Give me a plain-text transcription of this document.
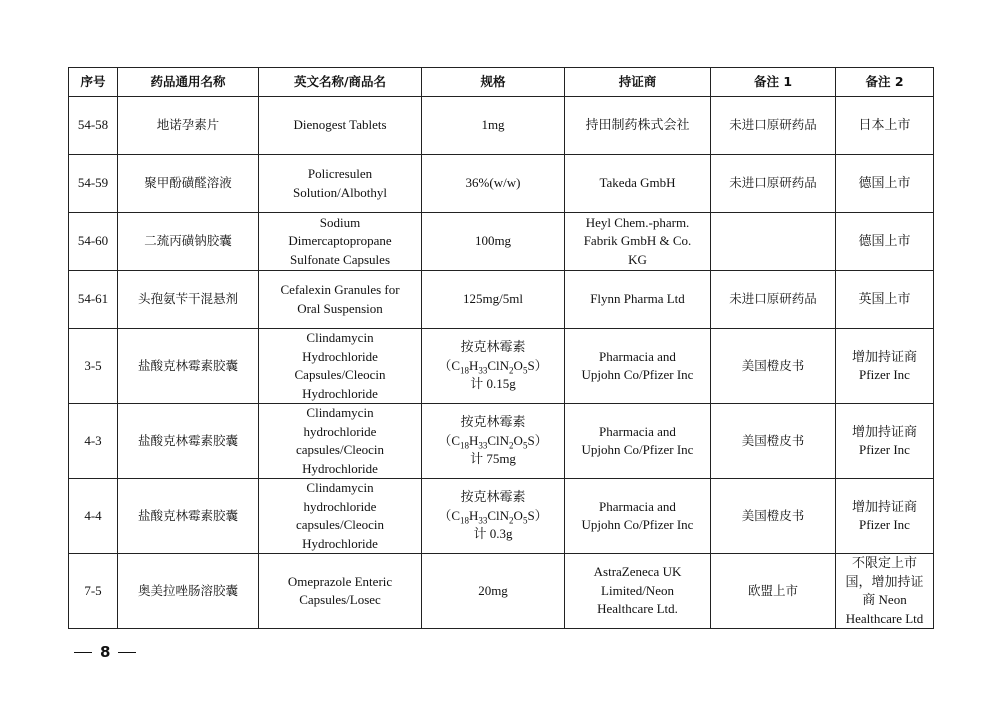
序号	药品通用名称	英文名称/商品名	规格	持证商	备注 1	备注 2
54-58	地诺孕素片	Dienogest Tablets	1mg	持田制药株式会社	未进口原研药品	日本上市

54-59	聚甲酚磺醛溶液	Policresulen
Solution/Albothyl	36%(w/w)	Takeda GmbH	未进口原研药品	德国上市

54-60	二巯丙磺钠胶囊	Sodium
Dimercaptopropane
Sulfonate Capsules	100mg	Heyl Chem.-pharm.
Fabrik GmbH & Co.
KG		德国上市

54-61	头孢氨苄干混悬剂	Cefalexin Granules for
Oral Suspension	125mg/5ml	Flynn Pharma Ltd	未进口原研药品	英国上市

3-5	盐酸克林霉素胶囊	Clindamycin
Hydrochloride
Capsules/Cleocin
Hydrochloride	按克林霉素
$(C_{18}H_{33}ClN_2O_5S)$
计 0.15g	Pharmacia and
Upjohn Co/Pfizer Inc	美国橙皮书	增加持证商
Pfizer Inc

4-3	盐酸克林霉素胶囊	Clindamycin
hydrochloride
capsules/Cleocin
Hydrochloride	按克林霉素
$(C_{18}H_{33}ClN_2O_5S)$
计 75mg	Pharmacia and
Upjohn Co/Pfizer Inc	美国橙皮书	增加持证商
Pfizer Inc

4-4	盐酸克林霉素胶囊	Clindamycin
hydrochloride
capsules/Cleocin
Hydrochloride	按克林霉素
$(C_{18}H_{33}ClN_2O_5S)$
计 0.3g	Pharmacia and
Upjohn Co/Pfizer Inc	美国橙皮书	增加持证商
Pfizer Inc

7-5	奥美拉唑肠溶胶囊	Omeprazole Enteric
Capsules/Losec	20mg	AstraZeneca UK
Limited/Neon
Healthcare Ltd.	欧盟上市	不限定上市
国，增加持证
商 Neon
Healthcare Ltd
8
